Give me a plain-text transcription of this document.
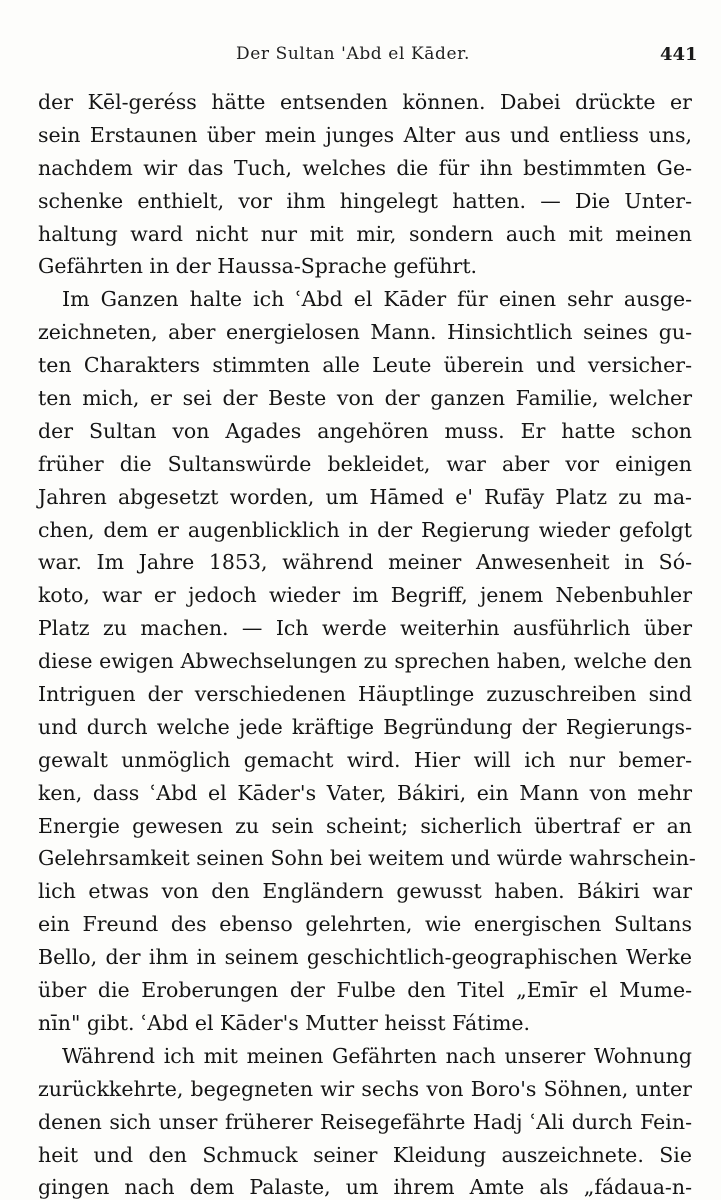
Der Sultan 'Abd el Kāder.	441
der Kēl-geréss hätte entsenden können. Dabei drückte er
sein Erstaunen über mein junges Alter aus und entliess uns,
nachdem wir das Tuch, welches die für ihn bestimmten Ge-
schenke enthielt, vor ihm hingelegt hatten. — Die Unter-
haltung ward nicht nur mit mir, sondern auch mit meinen
Gefährten in der Haussa-Sprache geführt.
Im Ganzen halte ich ʿAbd el Kāder für einen sehr ausge-
zeichneten, aber energielosen Mann. Hinsichtlich seines gu-
ten Charakters stimmten alle Leute überein und versicher-
ten mich, er sei der Beste von der ganzen Familie, welcher
der Sultan von Agades angehören muss. Er hatte schon
früher die Sultanswürde bekleidet, war aber vor einigen
Jahren abgesetzt worden, um Hāmed e' Rufāy Platz zu ma-
chen, dem er augenblicklich in der Regierung wieder gefolgt
war. Im Jahre 1853, während meiner Anwesenheit in Só-
koto, war er jedoch wieder im Begriff, jenem Nebenbuhler
Platz zu machen. — Ich werde weiterhin ausführlich über
diese ewigen Abwechselungen zu sprechen haben, welche den
Intriguen der verschiedenen Häuptlinge zuzuschreiben sind
und durch welche jede kräftige Begründung der Regierungs-
gewalt unmöglich gemacht wird. Hier will ich nur bemer-
ken, dass ʿAbd el Kāder's Vater, Bákiri, ein Mann von mehr
Energie gewesen zu sein scheint; sicherlich übertraf er an
Gelehrsamkeit seinen Sohn bei weitem und würde wahrschein-
lich etwas von den Engländern gewusst haben. Bákiri war
ein Freund des ebenso gelehrten, wie energischen Sultans
Bello, der ihm in seinem geschichtlich-geographischen Werke
über die Eroberungen der Fulbe den Titel „Emīr el Mume-
nīn" gibt. ʿAbd el Kāder's Mutter heisst Fátime.
Während ich mit meinen Gefährten nach unserer Wohnung
zurückkehrte, begegneten wir sechs von Boro's Söhnen, unter
denen sich unser früherer Reisegefährte Hadj ʿAli durch Fein-
heit und den Schmuck seiner Kleidung auszeichnete. Sie
gingen nach dem Palaste, um ihrem Amte als „fádaua-n-
